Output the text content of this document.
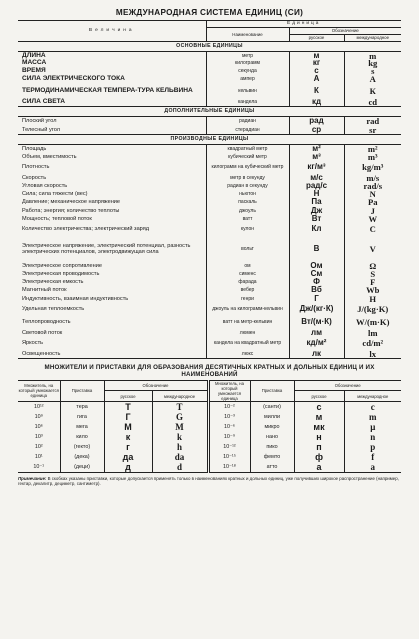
МЕЖДУНАРОДНАЯ СИСТЕМА ЕДИНИЦ (СИ)
Величина	Единица		
	Наименование	Обозначение	
		русское	международное
ОСНОВНЫЕ ЕДИНИЦЫ			
ДЛИНА	метр	м	m
МАССА	килограмм	кг	kg
ВРЕМЯ	секунда	с	s
СИЛА ЭЛЕКТРИЧЕСКОГО ТОКА	ампер	А	А
ТЕРМОДИНАМИЧЕСКАЯ ТЕМПЕРА-ТУРА КЕЛЬВИНА	кельвин	К	К
СИЛА СВЕТА	кандела	кд	cd
ДОПОЛНИТЕЛЬНЫЕ ЕДИНИЦЫ			
Плоский угол	радиан	рад	rad
Телесный угол	стерадиан	ср	sr
ПРОИЗВОДНЫЕ ЕДИНИЦЫ			
Площадь	квадратный метр	м²	m²
Объем, вместимость	кубический метр	м³	m³
Плотность	килограмм на кубический метр	кг/м³	kg/m³
Скорость	метр в секунду	м/с	m/s
Угловая скорость	радиан в секунду	рад/с	rad/s
Сила; сила тяжести (вес)	ньютон	Н	N
Давление; механическое напряжение	паскаль	Па	Pa
Работа; энергия; количество теплоты	джоуль	Дж	J
Мощность; тепловой поток	ватт	Вт	W
Количество электричества; электрический заряд	кулон	Кл	С
Электрическое напряжение, электрический потенциал, разность электрических потенциалов, электродвижущая сила	вольт	В	V
Электрическое сопротивление	ом	Ом	Ω
Электрическая проводимость	сименс	См	S
Электрическая емкость	фарада	Ф	F
Магнитный поток	вебер	Вб	Wb
Индуктивность, взаимная индуктивность	генри	Г	Н
Удельная теплоемкость	джоуль на килограмм-кельвин	Дж/(кг·К)	J/(kg·K)
Теплопроводность	ватт на метр-кельвин	Вт/(м·К)	W/(m·K)
Световой поток	люмен	лм	lm
Яркость	кандела на квадратный метр	кд/м²	cd/m²
Освещенность	люкс	лк	lx
МНОЖИТЕЛИ И ПРИСТАВКИ ДЛЯ ОБРАЗОВАНИЯ ДЕСЯТИЧНЫХ КРАТНЫХ И ДОЛЬНЫХ ЕДИНИЦ И ИХ НАИМЕНОВАНИЙ
Множитель, на который умножается единица	Приставка	Обозначение		Множитель, на который умножается единица	Приставка	Обозначение	
		русское	международное			русское	международное
10¹²	тера	Т	Т	10⁻²	(санти)	с	с
10⁹	гига	Г	G	10⁻³	милли	м	m
10⁶	мега	М	М	10⁻⁶	микро	мк	μ
10³	кило	к	k	10⁻⁹	нано	н	n
10²	(гекто)	г	h	10⁻¹²	пико	п	p
10¹	(дека)	да	da	10⁻¹⁵	фемто	ф	f
10⁻¹	(деци)	д	d	10⁻¹⁸	атто	а	а
Примечание: В скобках указаны приставки, которые допускается применять только в наименованиях кратных и дольных единиц, уже получивших широкое распространение (например, гектар, декалитр, дециметр, сантиметр).
